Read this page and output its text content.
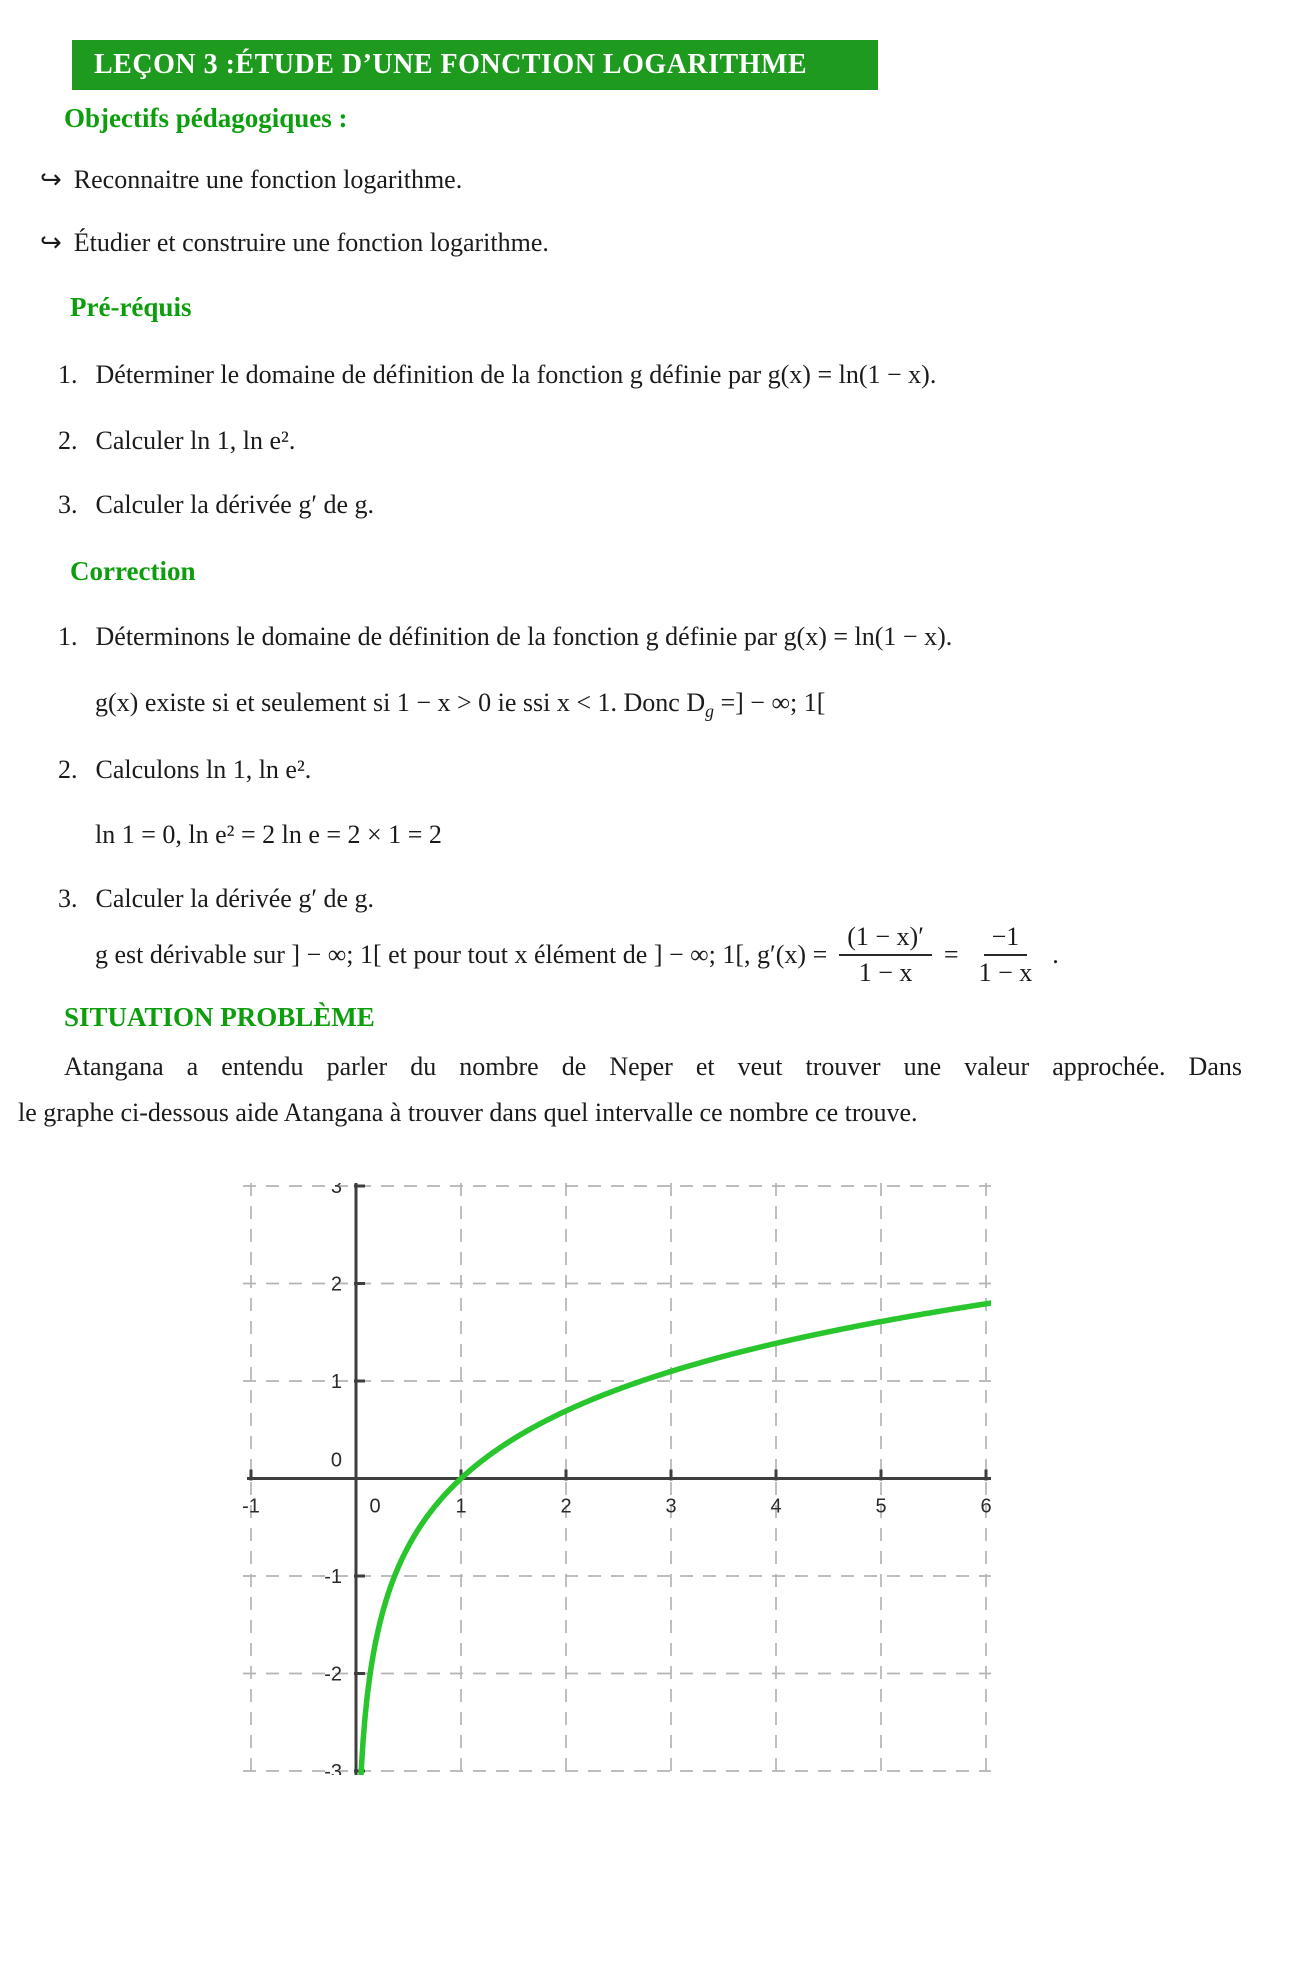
LEÇON 3 :ÉTUDE D’UNE FONCTION LOGARITHME
Objectifs pédagogiques :
↪ Reconnaitre une fonction logarithme.
↪ Étudier et construire une fonction logarithme.
Pré-réquis
1. Déterminer le domaine de définition de la fonction g définie par g(x) = ln(1 − x).
2. Calculer ln 1, ln e².
3. Calculer la dérivée g′ de g.
Correction
1. Déterminons le domaine de définition de la fonction g définie par g(x) = ln(1 − x).
g(x) existe si et seulement si 1 − x > 0 ie ssi x < 1. Donc $D_g$ =] − ∞; 1[
2. Calculons ln 1, ln e².
ln 1 = 0, ln e² = 2 ln e = 2 × 1 = 2
3. Calculer la dérivée g′ de g.
g est dérivable sur ] − ∞; 1[ et pour tout x élément de ] − ∞; 1[, $g'(x) = \frac{(1 - x)'}{1 - x} = \frac{-1}{1 - x}$ .
SITUATION PROBLÈME
Atangana a entendu parler du nombre de Neper et veut trouver une valeur approchée. Dans
le graphe ci-dessous aide Atangana à trouver dans quel intervalle ce nombre ce trouve.
-1	0	1	2	3	4	5	6
-3
-2
-1
0
1
2
3
